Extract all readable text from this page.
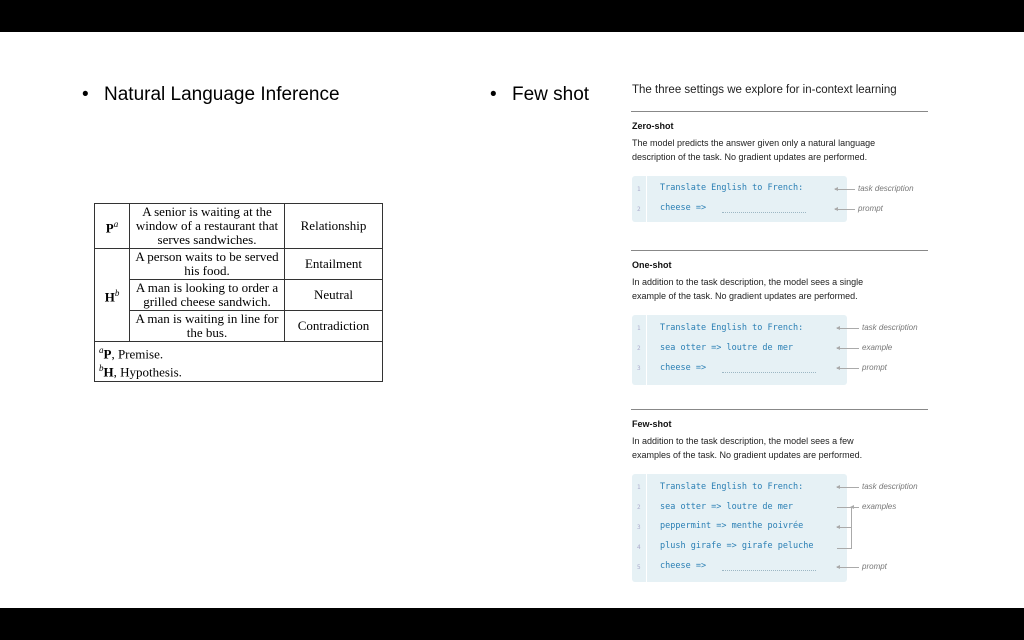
• Natural Language Inference	• Few shot
$P^a$	A senior is waiting at the window of a restaurant that serves sandwiches.	Relationship
$H^b$	A person waits to be served his food.	Entailment
	A man is looking to order a grilled cheese sandwich.	Neutral
	A man is waiting in line for the bus.	Contradiction

$^a$P, Premise.
$^b$H, Hypothesis.		
The three settings we explore for in-context learning
Zero-shot
The model predicts the answer given only a natural language
description of the task. No gradient updates are performed.
1 Translate English to French:
2 cheese =>
task description
prompt
One-shot
In addition to the task description, the model sees a single
example of the task. No gradient updates are performed.
1 Translate English to French:
2 sea otter => loutre de mer
3 cheese =>
task description
example
prompt
Few-shot
In addition to the task description, the model sees a few
examples of the task. No gradient updates are performed.
1 Translate English to French:
2 sea otter => loutre de mer
3 peppermint => menthe poivrée
4 plush girafe => girafe peluche
5 cheese =>
task description
examples
prompt
